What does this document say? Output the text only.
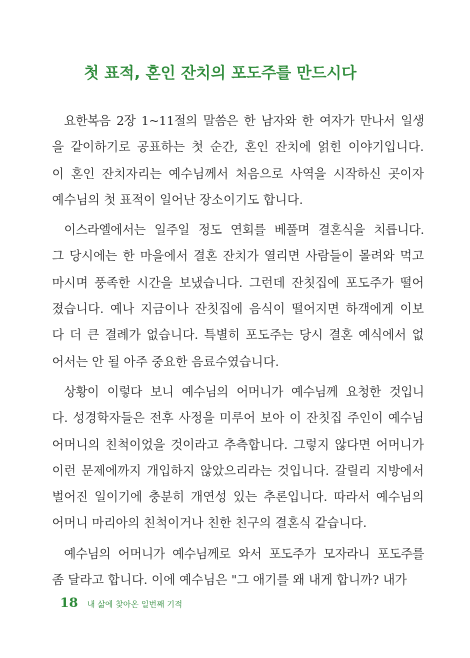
첫 표적, 혼인 잔치의 포도주를 만드시다
요한복음 2장 1~11절의 말씀은 한 남자와 한 여자가 만나서 일생
을 같이하기로 공표하는 첫 순간, 혼인 잔치에 얽힌 이야기입니다.
이 혼인 잔치자리는 예수님께서 처음으로 사역을 시작하신 곳이자
예수님의 첫 표적이 일어난 장소이기도 합니다.
이스라엘에서는 일주일 정도 연회를 베풀며 결혼식을 치릅니다.
그 당시에는 한 마을에서 결혼 잔치가 열리면 사람들이 몰려와 먹고
마시며 풍족한 시간을 보냈습니다. 그런데 잔칫집에 포도주가 떨어
졌습니다. 예나 지금이나 잔칫집에 음식이 떨어지면 하객에게 이보
다 더 큰 결례가 없습니다. 특별히 포도주는 당시 결혼 예식에서 없
어서는 안 될 아주 중요한 음료수였습니다.
상황이 이렇다 보니 예수님의 어머니가 예수님께 요청한 것입니
다. 성경학자들은 전후 사정을 미루어 보아 이 잔칫집 주인이 예수님
어머니의 친척이었을 것이라고 추측합니다. 그렇지 않다면 어머니가
이런 문제에까지 개입하지 않았으리라는 것입니다. 갈릴리 지방에서
벌어진 일이기에 충분히 개연성 있는 추론입니다. 따라서 예수님의
어머니 마리아의 친척이거나 친한 친구의 결혼식 같습니다.
예수님의 어머니가 예수님께로 와서 포도주가 모자라니 포도주를
좀 달라고 합니다. 이에 예수님은 "그 애기를 왜 내게 합니까? 내가
18 내 삶에 찾아온 일번째 기적
